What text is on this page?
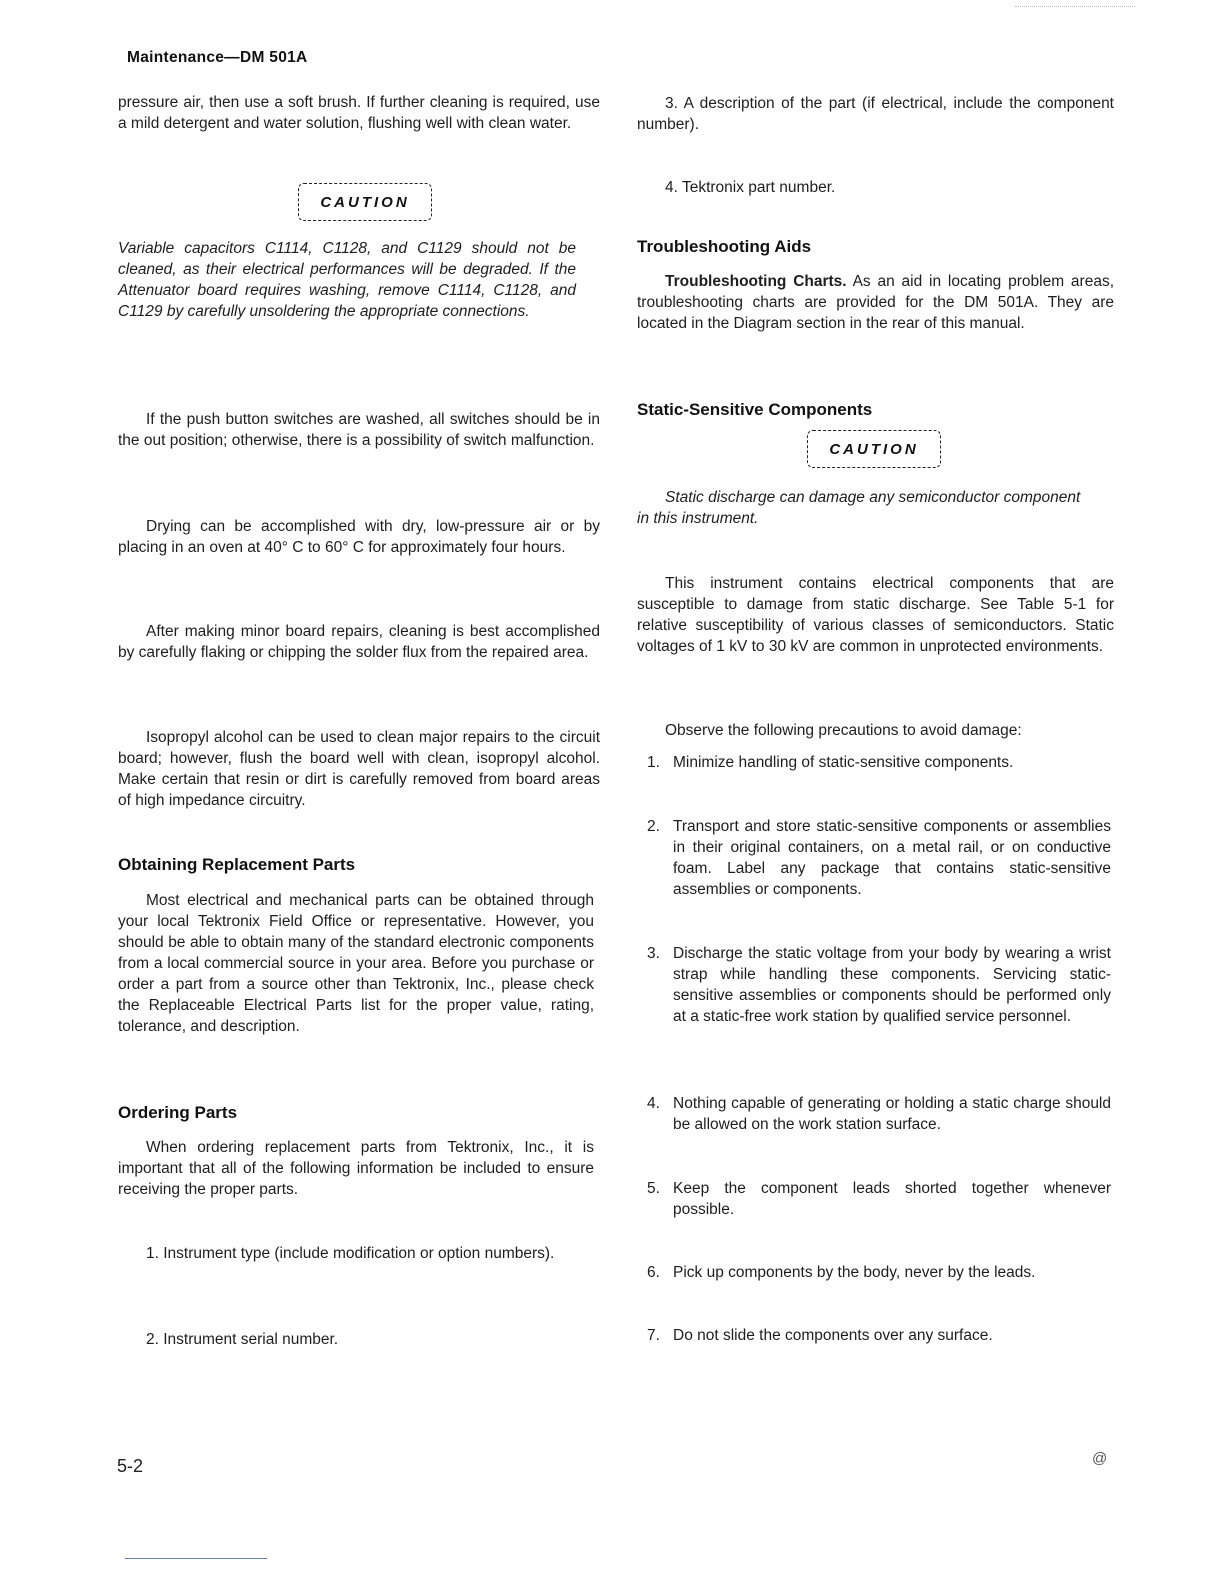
Maintenance—DM 501A

pressure air, then use a soft brush. If further cleaning is required, use a mild detergent and water solution, flushing well with clean water.

CAUTION

Variable capacitors C1114, C1128, and C1129 should not be cleaned, as their electrical performances will be degraded. If the Attenuator board requires washing, remove C1114, C1128, and C1129 by carefully unsoldering the appropriate connections.

If the push button switches are washed, all switches should be in the out position; otherwise, there is a possibility of switch malfunction.

Drying can be accomplished with dry, low-pressure air or by placing in an oven at 40° C to 60° C for approximately four hours.

After making minor board repairs, cleaning is best accomplished by carefully flaking or chipping the solder flux from the repaired area.

Isopropyl alcohol can be used to clean major repairs to the circuit board; however, flush the board well with clean, isopropyl alcohol. Make certain that resin or dirt is carefully removed from board areas of high impedance circuitry.

Obtaining Replacement Parts

Most electrical and mechanical parts can be obtained through your local Tektronix Field Office or representative. However, you should be able to obtain many of the standard electronic components from a local commercial source in your area. Before you purchase or order a part from a source other than Tektronix, Inc., please check the Replaceable Electrical Parts list for the proper value, rating, tolerance, and description.

Ordering Parts

When ordering replacement parts from Tektronix, Inc., it is important that all of the following information be included to ensure receiving the proper parts.

1. Instrument type (include modification or option numbers).

2. Instrument serial number.

3. A description of the part (if electrical, include the component number).

4. Tektronix part number.

Troubleshooting Aids

Troubleshooting Charts. As an aid in locating problem areas, troubleshooting charts are provided for the DM 501A. They are located in the Diagram section in the rear of this manual.

Static-Sensitive Components
CAUTION

Static discharge can damage any semiconductor component in this instrument.

This instrument contains electrical components that are susceptible to damage from static discharge. See Table 5-1 for relative susceptibility of various classes of semiconductors. Static voltages of 1 kV to 30 kV are common in unprotected environments.

Observe the following precautions to avoid damage:

1. Minimize handling of static-sensitive components.
2. Transport and store static-sensitive components or assemblies in their original containers, on a metal rail, or on conductive foam. Label any package that contains static-sensitive assemblies or components.
3. Discharge the static voltage from your body by wearing a wrist strap while handling these components. Servicing static-sensitive assemblies or components should be performed only at a static-free work station by qualified service personnel.
4. Nothing capable of generating or holding a static charge should be allowed on the work station surface.
5. Keep the component leads shorted together whenever possible.
6. Pick up components by the body, never by the leads.
7. Do not slide the components over any surface.
5-2	@
